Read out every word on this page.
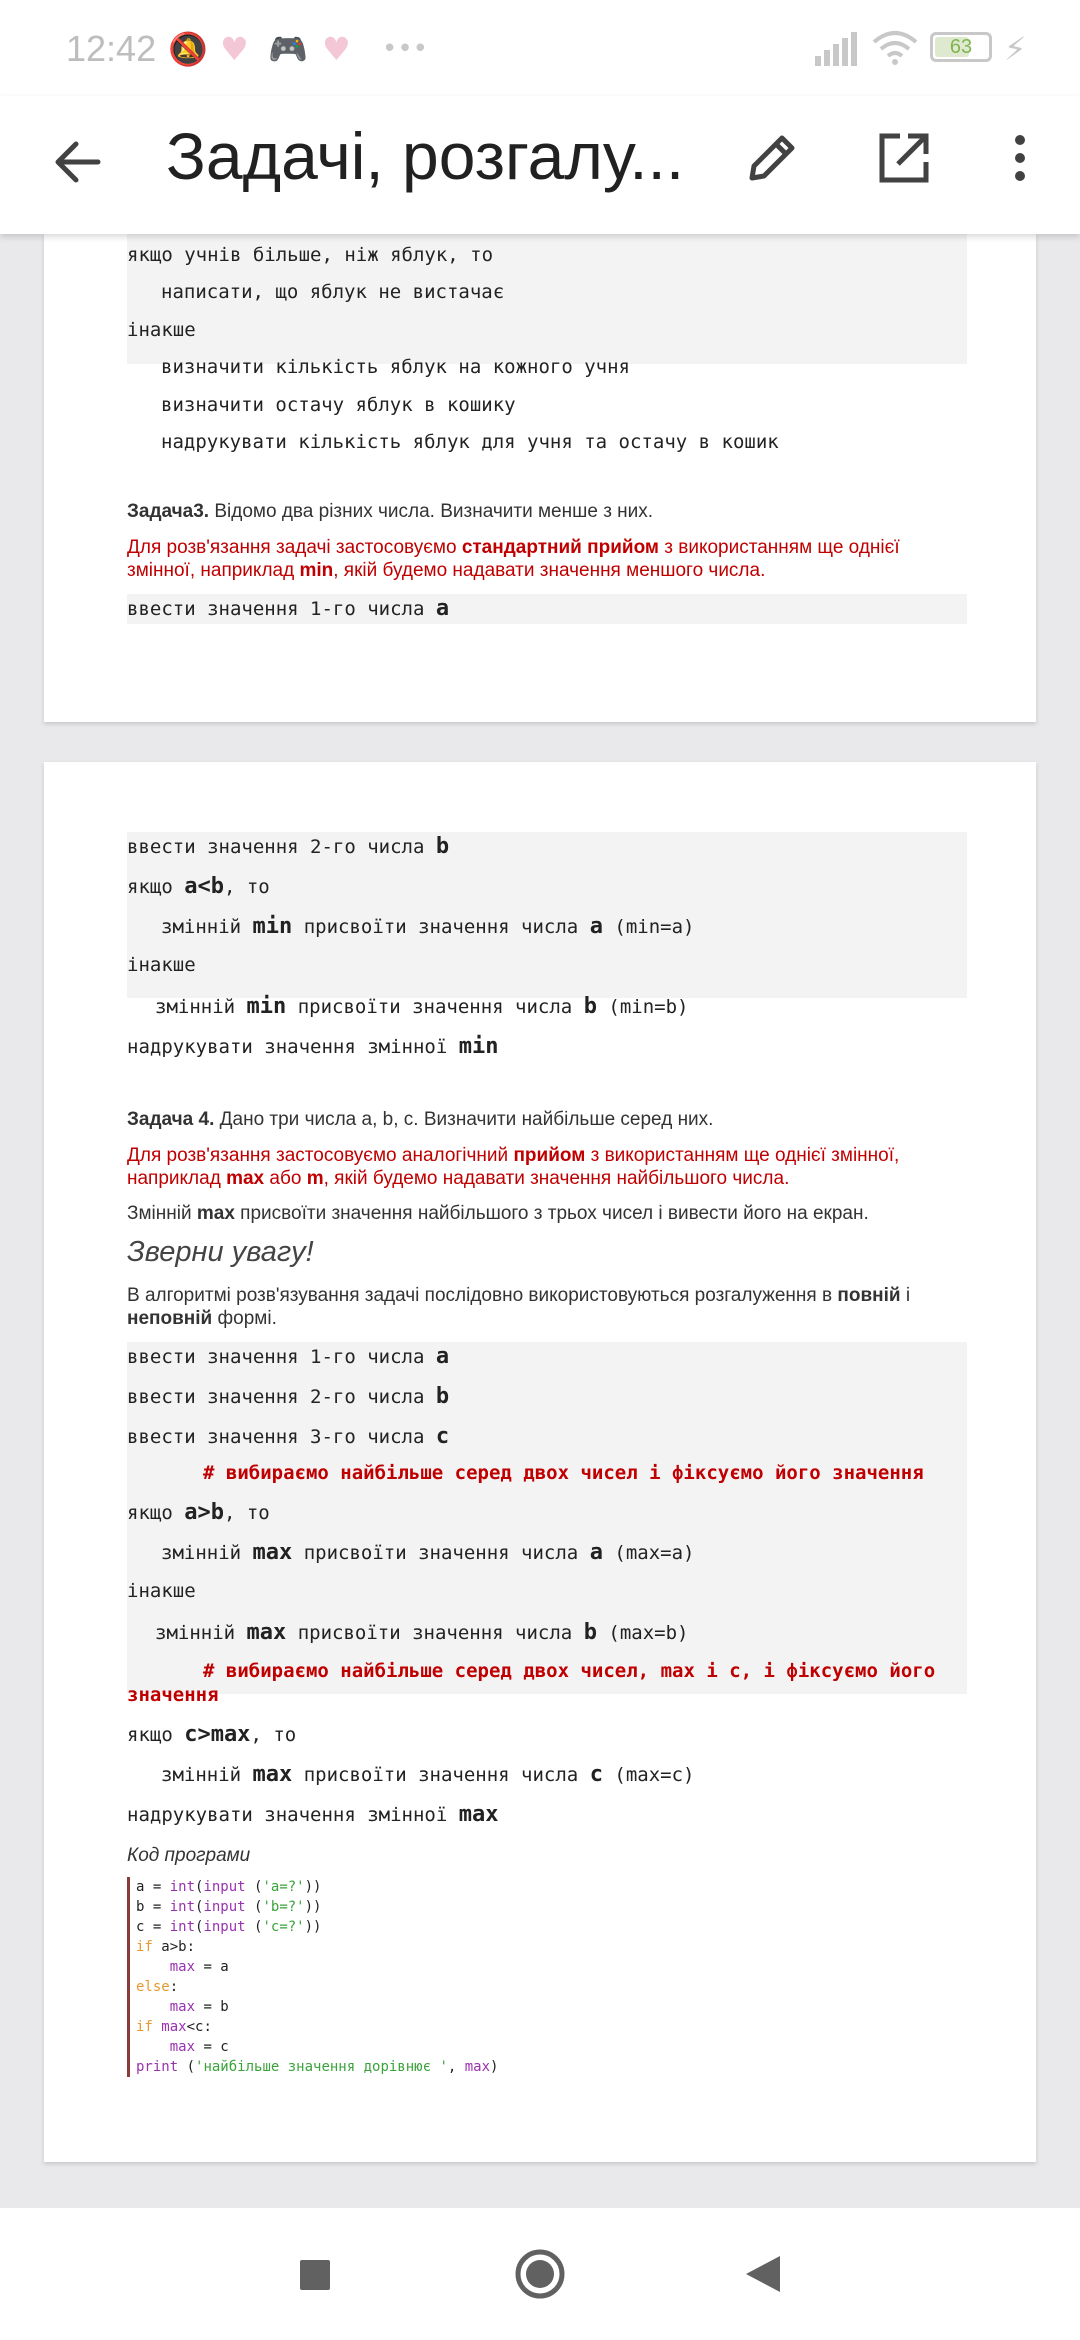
12:42 🔕 ♥ 🎮 ♥ •••	63 ⚡
Задачі, розгалу...
якщо учнів більше, ніж яблук, то
написати, що яблук не вистачає
інакше
визначити кількість яблук на кожного учня
визначити остачу яблук в кошику
надрукувати кількість яблук для учня та остачу в кошик
Задача3. Відомо два різних числа. Визначити менше з них.
Для розв'язання задачі застосовуємо стандартний прийом з використанням ще однієї змінної, наприклад min, якій будемо надавати значення меншого числа.
ввести значення 1-го числа a
ввести значення 2-го числа b
якщо a<b, то
змінній min присвоїти значення числа a (min=a)
інакше
змінній min присвоїти значення числа b (min=b)
надрукувати значення змінної min
Задача 4. Дано три числа a, b, c. Визначити найбільше серед них.
Для розв'язання застосовуємо аналогічний прийом з використанням ще однієї змінної, наприклад max або m, якій будемо надавати значення найбільшого числа.
Змінній max присвоїти значення найбільшого з трьох чисел і вивести його на екран.
Зверни увагу!
В алгоритмі розв'язування задачі послідовно використовуються розгалуження в повній і неповній формі.
ввести значення 1-го числа a
ввести значення 2-го числа b
ввести значення 3-го числа c
# вибираємо найбільше серед двох чисел і фіксуємо його значення
якщо a>b, то
змінній max присвоїти значення числа a (max=a)
інакше
змінній max присвоїти значення числа b (max=b)
# вибираємо найбільше серед двох чисел, max і c, і фіксуємо його
значення
якщо c>max, то
змінній max присвоїти значення числа c (max=c)
надрукувати значення змінної max
Код програми
a = int(input ('a=?'))
b = int(input ('b=?'))
c = int(input ('c=?'))
if a>b:
max = a
else:
max = b
if max<c:
max = c
print ('найбільше значення дорівнює ', max)
